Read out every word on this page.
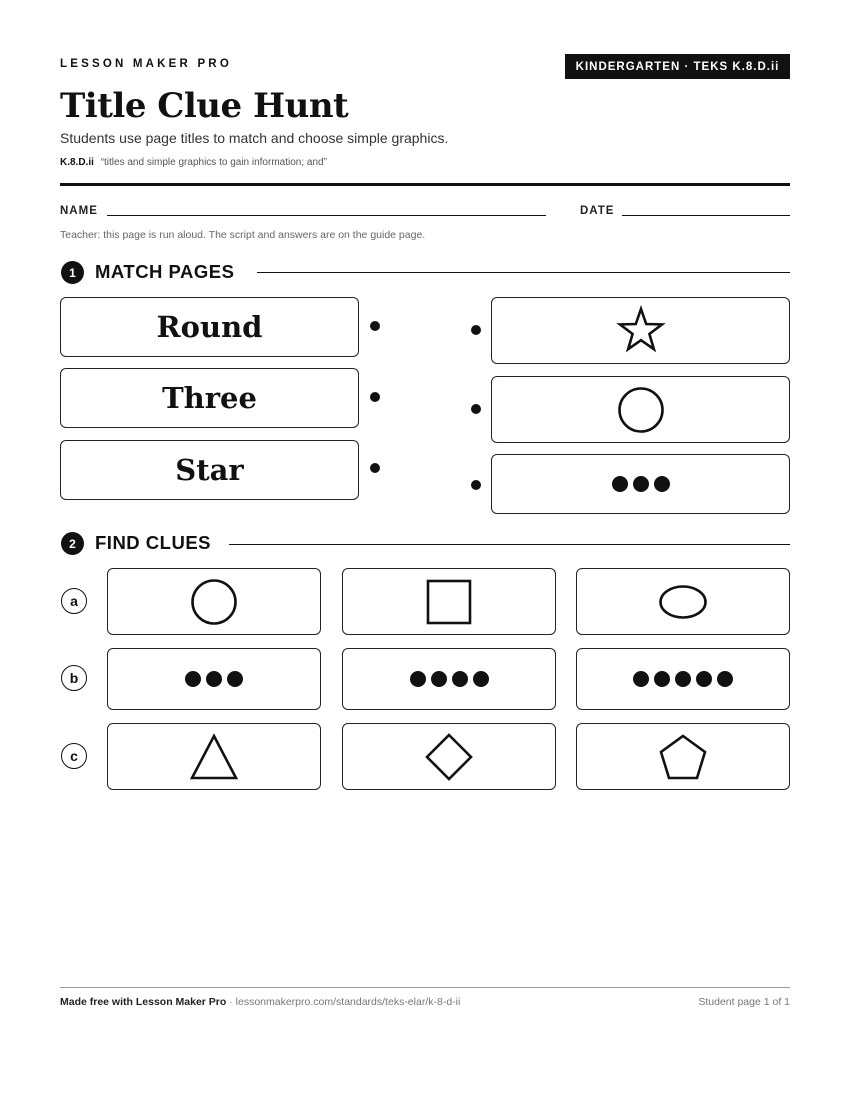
LESSON MAKER PRO	KINDERGARTEN · TEKS K.8.D.ii
Title Clue Hunt
Students use page titles to match and choose simple graphics.
K.8.D.ii “titles and simple graphics to gain information; and”
NAME	DATE
Teacher: this page is run aloud. The script and answers are on the guide page.
1	MATCH PAGES
Round
Three
Star
2	FIND CLUES
a
b
c
Made free with Lesson Maker Pro · lessonmakerpro.com/standards/teks-elar/k-8-d-ii	Student page 1 of 1
